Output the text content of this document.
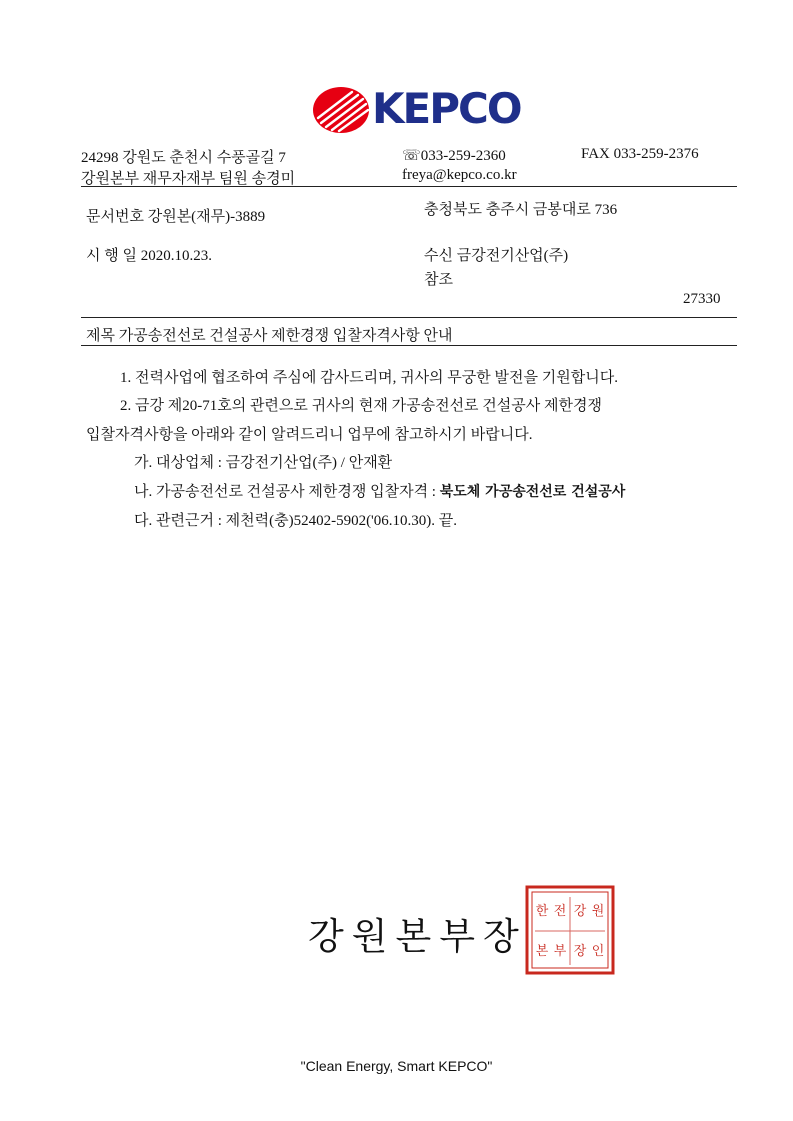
KEPCO
24298 강원도 춘천시 수풍골길 7
강원본부 재무자재부 팀원 송경미
☏033-259-2360	FAX 033-259-2376
freya@kepco.co.kr
문서번호 강원본(재무)-3889	충청북도 충주시 금봉대로 736
시 행 일 2020.10.23.	수신 금강전기산업(주)
참조
27330
제목 가공송전선로 건설공사 제한경쟁 입찰자격사항 안내
1. 전력사업에 협조하여 주심에 감사드리며, 귀사의 무궁한 발전을 기원합니다.
2. 금강 제20-71호의 관련으로 귀사의 현재 가공송전선로 건설공사 제한경쟁
입찰자격사항을 아래와 같이 알려드리니 업무에 참고하시기 바랍니다.
가. 대상업체 : 금강전기산업(주) / 안재환
나. 가공송전선로 건설공사 제한경쟁 입찰자격 : 북도체 가공송전선로 건설공사
다. 관련근거 : 제천력(충)52402-5902('06.10.30). 끝.
강원본부장
한 전 강 원
본 부 장 인
"Clean Energy, Smart KEPCO"
